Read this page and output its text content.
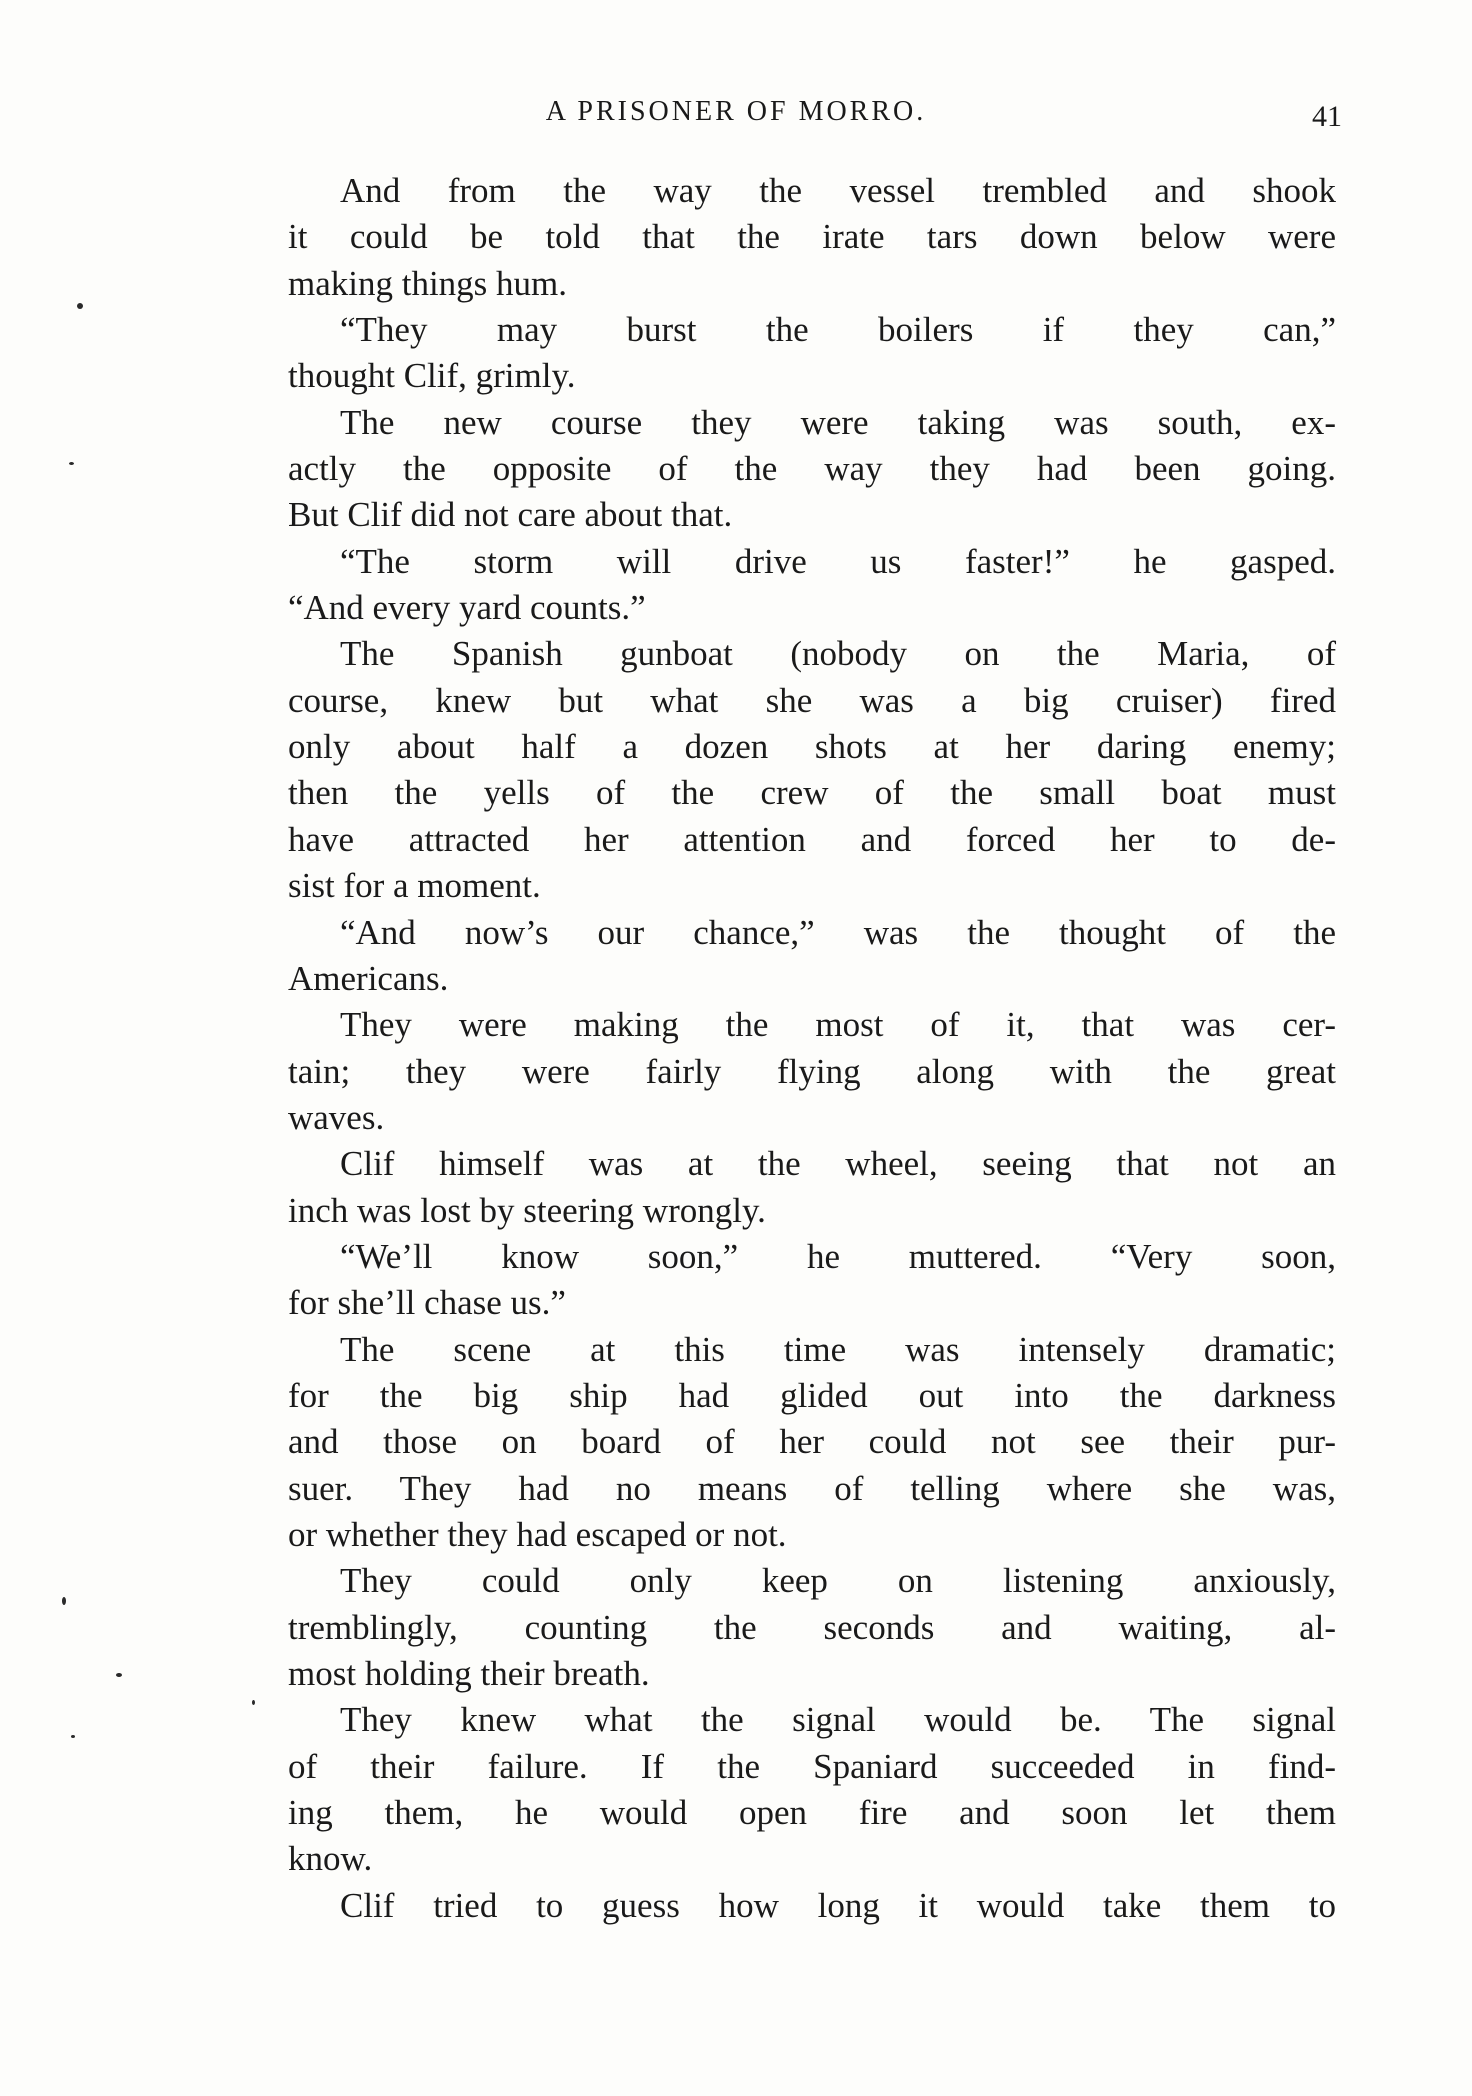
A PRISONER OF MORRO.	41
And from the way the vessel trembled and shook
it could be told that the irate tars down below were
making things hum.
“They may burst the boilers if they can,”
thought Clif, grimly.
The new course they were taking was south, ex-
actly the opposite of the way they had been going.
But Clif did not care about that.
“The storm will drive us faster!” he gasped.
“And every yard counts.”
The Spanish gunboat (nobody on the Maria, of
course, knew but what she was a big cruiser) fired
only about half a dozen shots at her daring enemy;
then the yells of the crew of the small boat must
have attracted her attention and forced her to de-
sist for a moment.
“And now’s our chance,” was the thought of the
Americans.
They were making the most of it, that was cer-
tain; they were fairly flying along with the great
waves.
Clif himself was at the wheel, seeing that not an
inch was lost by steering wrongly.
“We’ll know soon,” he muttered. “Very soon,
for she’ll chase us.”
The scene at this time was intensely dramatic;
for the big ship had glided out into the darkness
and those on board of her could not see their pur-
suer. They had no means of telling where she was,
or whether they had escaped or not.
They could only keep on listening anxiously,
tremblingly, counting the seconds and waiting, al-
most holding their breath.
They knew what the signal would be. The signal
of their failure. If the Spaniard succeeded in find-
ing them, he would open fire and soon let them
know.
Clif tried to guess how long it would take them to
